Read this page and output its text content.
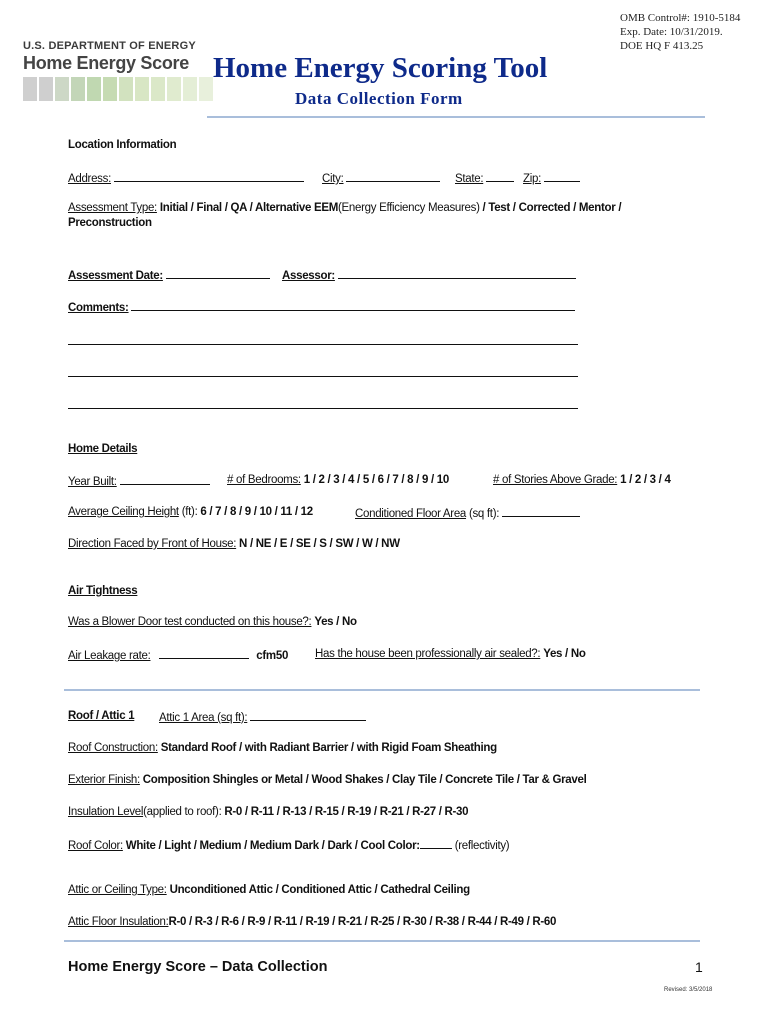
OMB Control#: 1910-5184
Exp. Date: 10/31/2019.
DOE HQ F 413.25
U.S. DEPARTMENT OF ENERGY
Home Energy Score Home Energy Scoring Tool
Data Collection Form
Location Information
Address:	City:	State:	Zip:
Assessment Type: Initial / Final / QA / Alternative EEM(Energy Efficiency Measures) / Test / Corrected / Mentor /
Preconstruction
Assessment Date:	Assessor:
Comments:
Home Details
Year Built:	# of Bedrooms: 1 / 2 / 3 / 4 / 5 / 6 / 7 / 8 / 9 / 10	# of Stories Above Grade: 1 / 2 / 3 / 4
Average Ceiling Height (ft): 6 / 7 / 8 / 9 / 10 / 11 / 12	Conditioned Floor Area (sq ft):
Direction Faced by Front of House: N / NE / E / SE / S / SW / W / NW
Air Tightness
Was a Blower Door test conducted on this house?: Yes / No
Air Leakage rate:	cfm50 Has the house been professionally air sealed?: Yes / No
Roof / Attic 1 Attic 1 Area (sq ft):
Roof Construction: Standard Roof / with Radiant Barrier / with Rigid Foam Sheathing
Exterior Finish: Composition Shingles or Metal / Wood Shakes / Clay Tile / Concrete Tile / Tar & Gravel
Insulation Level(applied to roof): R-0 / R-11 / R-13 / R-15 / R-19 / R-21 / R-27 / R-30
Roof Color: White / Light / Medium / Medium Dark / Dark / Cool Color:	(reflectivity)
Attic or Ceiling Type: Unconditioned Attic / Conditioned Attic / Cathedral Ceiling
Attic Floor Insulation:R-0 / R-3 / R-6 / R-9 / R-11 / R-19 / R-21 / R-25 / R-30 / R-38 / R-44 / R-49 / R-60
Home Energy Score – Data Collection	1
Revised: 3/5/2018
